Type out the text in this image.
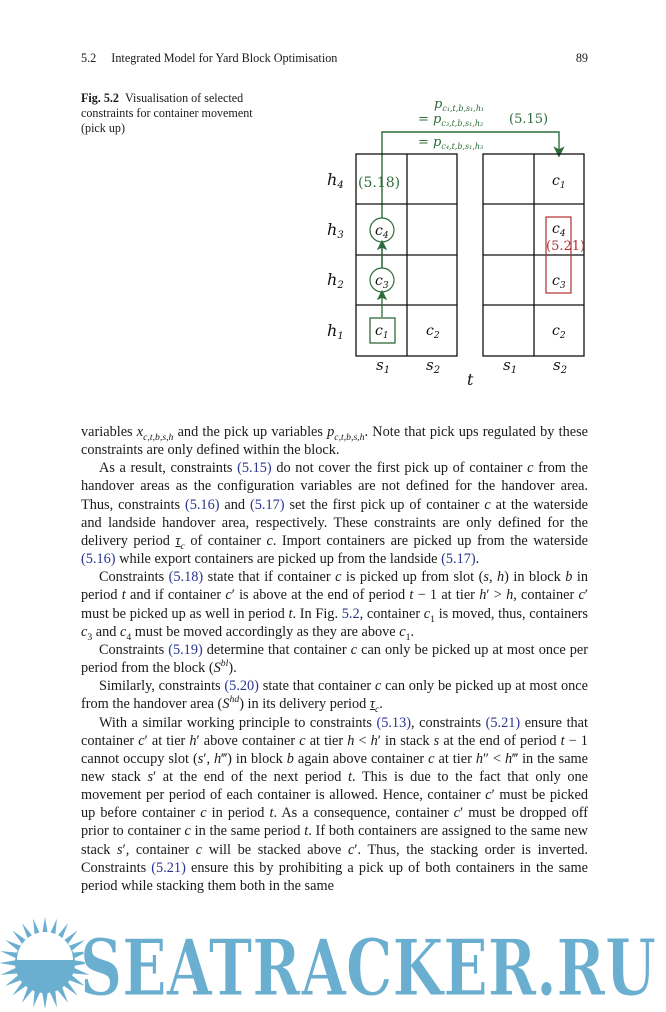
5.2 Integrated Model for Yard Block Optimisation	89
Fig. 5.2 Visualisation of selected constraints for container movement (pick up)
$p_{c_1,t,b,s_1,h_1}$
= $p_{c_3,t,b,s_1,h_2}$ (5.15)
= $p_{c_4,t,b,s_1,h_3}$
h4
h3
h2
h1
$s_1$ $s_2$	$s_1$ $s_2$
t
(5.18)
$c_4$
$c_3$
$c_1$	$c_2$
$c_1$
$c_4$
(5.21)
$c_3$
$c_2$

variables $x_{c,t,b,s,h}$ and the pick up variables $p_{c,t,b,s,h}$. Note that pick ups regulated by these constraints are only defined within the block.

As a result, constraints (5.15) do not cover the first pick up of container c from the handover areas as the configuration variables are not defined for the handover area. Thus, constraints (5.16) and (5.17) set the first pick up of container c at the waterside and landside handover area, respectively. These constraints are only defined for the delivery period $\tau_c$ of container c. Import containers are picked up from the waterside (5.16) while export containers are picked up from the landside (5.17).

Constraints (5.18) state that if container c is picked up from slot (s, h) in block b in period t and if container c′ is above at the end of period t − 1 at tier h′ > h, container c′ must be picked up as well in period t. In Fig. 5.2, container $c_1$ is moved, thus, containers $c_3$ and $c_4$ must be moved accordingly as they are above $c_1$.

Constraints (5.19) determine that container c can only be picked up at most once per period from the block $(S^{bl})$.

Similarly, constraints (5.20) state that container c can only be picked up at most once from the handover area $(S^{hd})$ in its delivery period $\tau_c$.

With a similar working principle to constraints (5.13), constraints (5.21) ensure that container c′ at tier h′ above container c at tier h < h′ in stack s at the end of period t − 1 cannot occupy slot (s′, h‴) in block b again above container c at tier h″ < h‴ in the same new stack s′ at the end of the next period t. This is due to the fact that only one movement per period of each container is allowed. Hence, container c′ must be picked up before container c in period t. As a consequence, container c′ must be dropped off prior to container c in the same period t. If both containers are assigned to the same new stack s′, container c will be stacked above c′. Thus, the stacking order is inverted. Constraints (5.21) ensure this by prohibiting a pick up of both containers in the same period while stacking them both in the same

SEATRACKER.RU
